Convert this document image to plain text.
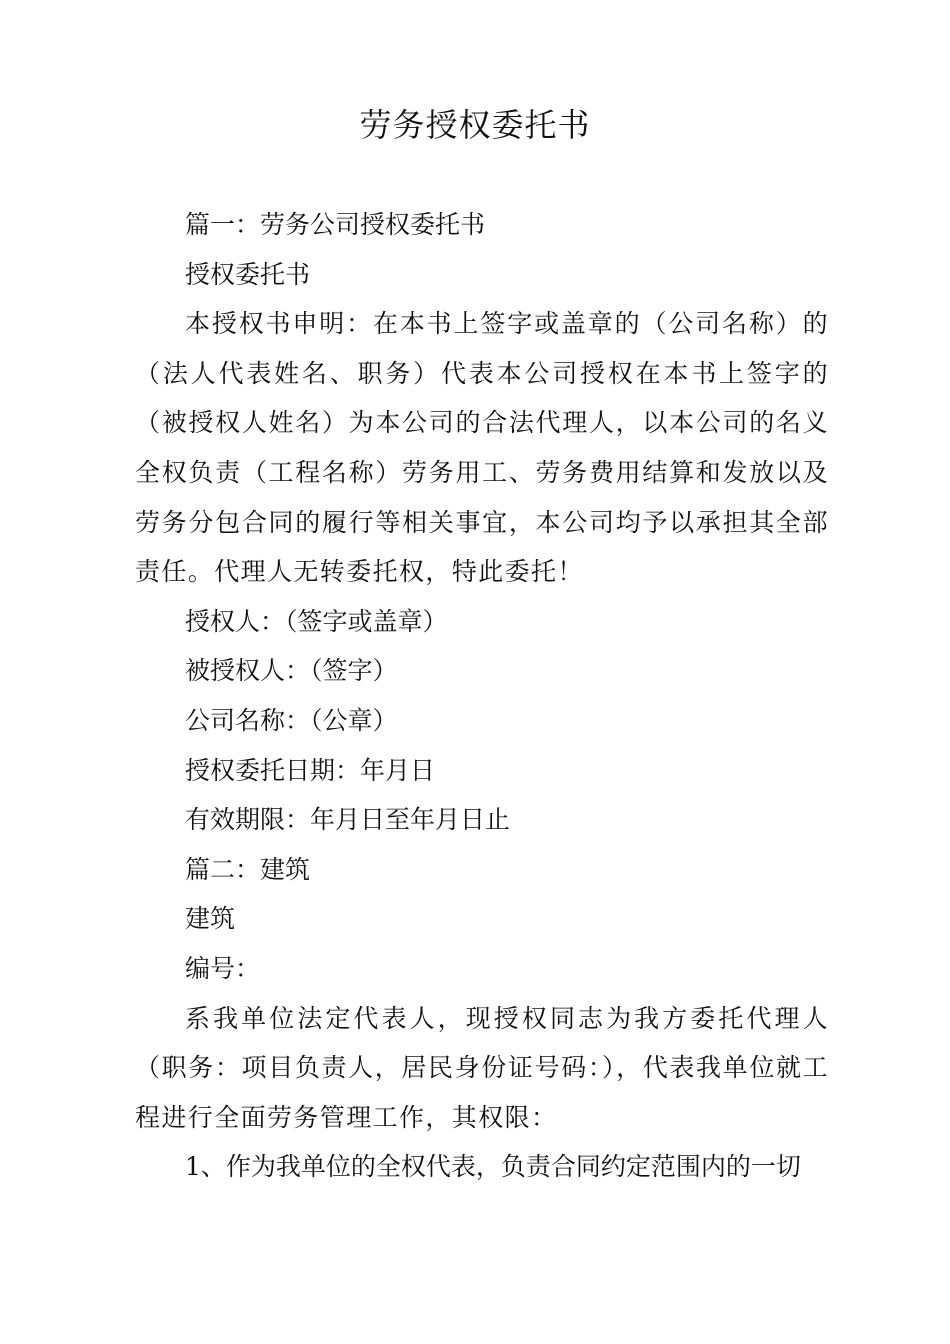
劳务授权委托书

篇一：劳务公司授权委托书

授权委托书

本授权书申明：在本书上签字或盖章的（公司名称）的（法人代表姓名、职务）代表本公司授权在本书上签字的（被授权人姓名）为本公司的合法代理人，以本公司的名义全权负责（工程名称）劳务用工、劳务费用结算和发放以及劳务分包合同的履行等相关事宜，本公司均予以承担其全部责任。代理人无转委托权，特此委托！

授权人：（签字或盖章）

被授权人：（签字）

公司名称：（公章）

授权委托日期：年月日

有效期限：年月日至年月日止

篇二：建筑

建筑

编号：

系我单位法定代表人，现授权同志为我方委托代理人（职务：项目负责人，居民身份证号码：），代表我单位就工程进行全面劳务管理工作，其权限：

1、作为我单位的全权代表，负责合同约定范围内的一切
